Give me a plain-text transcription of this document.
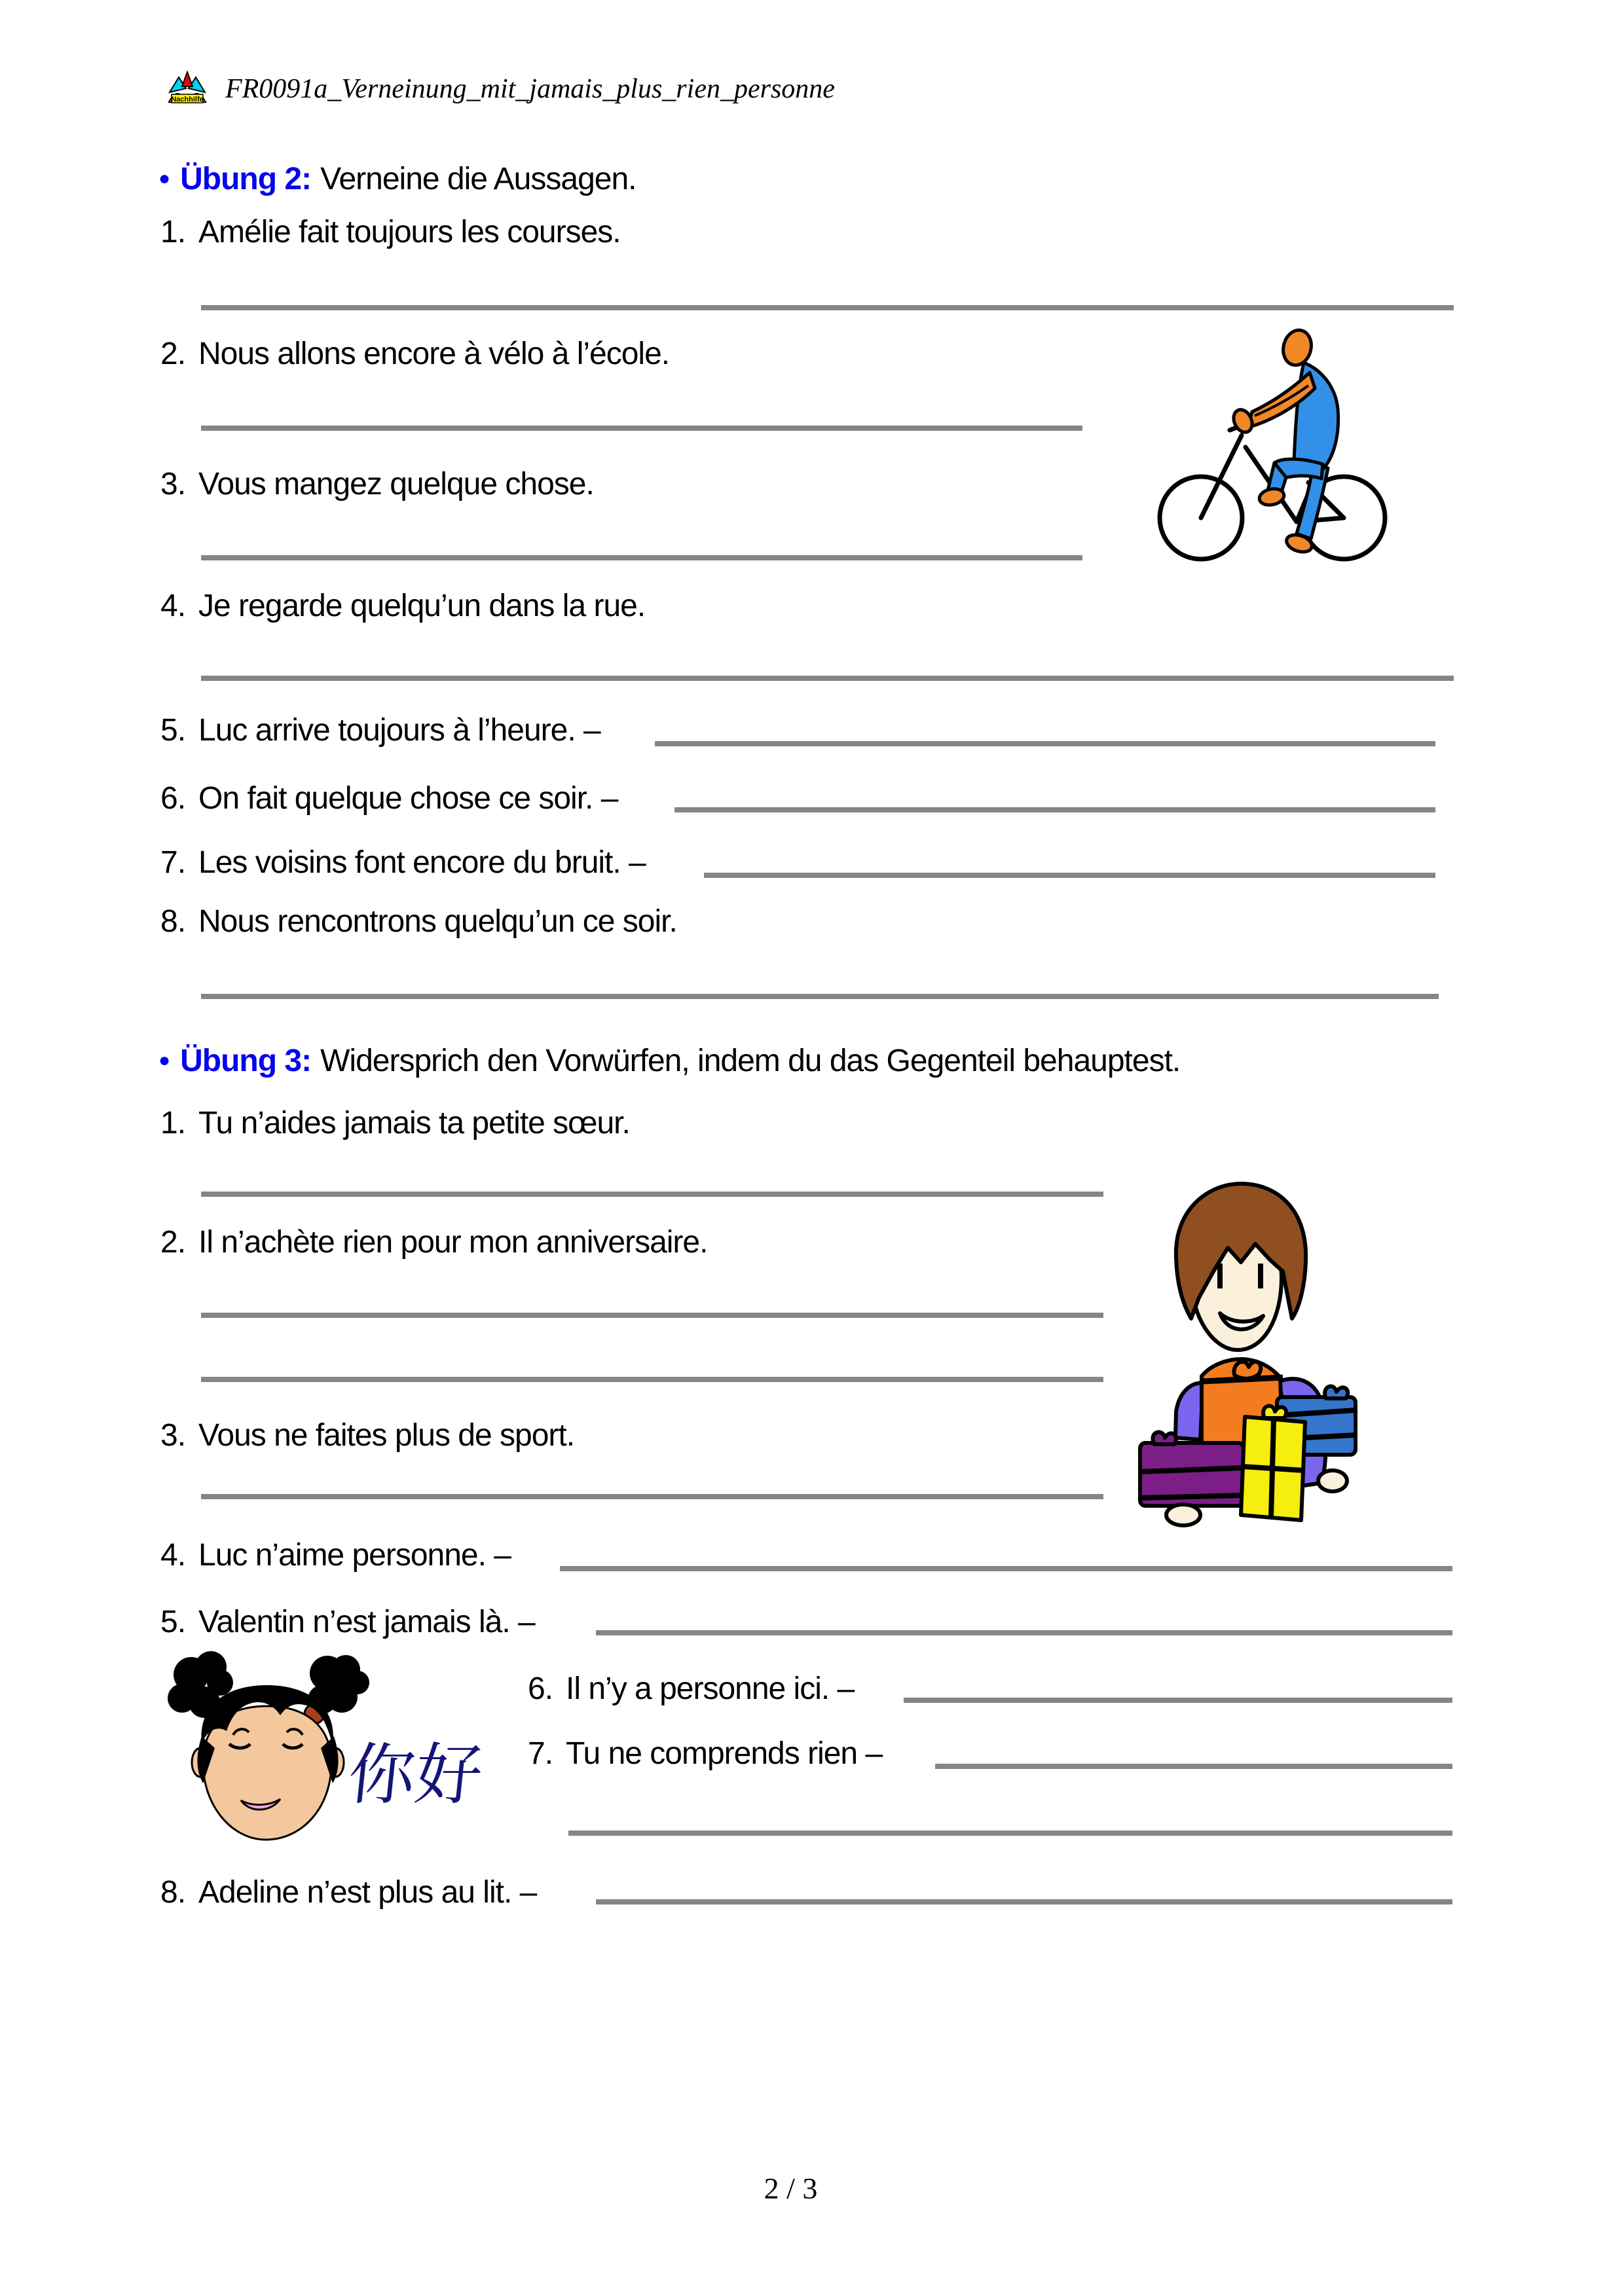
Nachhilfe FR0091a_Verneinung_mit_jamais_plus_rien_personne
● Übung 2: Verneine die Aussagen.
1. Amélie fait toujours les courses.
2. Nous allons encore à vélo à l’école.
3. Vous mangez quelque chose.
4. Je regarde quelqu’un dans la rue.
5. Luc arrive toujours à l’heure. –
6. On fait quelque chose ce soir. –
7. Les voisins font encore du bruit. –
8. Nous rencontrons quelqu’un ce soir.
● Übung 3: Widersprich den Vorwürfen, indem du das Gegenteil behauptest.
1. Tu n’aides jamais ta petite sœur.
2. Il n’achète rien pour mon anniversaire.
3. Vous ne faites plus de sport.
4. Luc n’aime personne. –
5. Valentin n’est jamais là. –
6. Il n’y a personne ici. –
7. Tu ne comprends rien –
8. Adeline n’est plus au lit. –
你好
2 / 3
